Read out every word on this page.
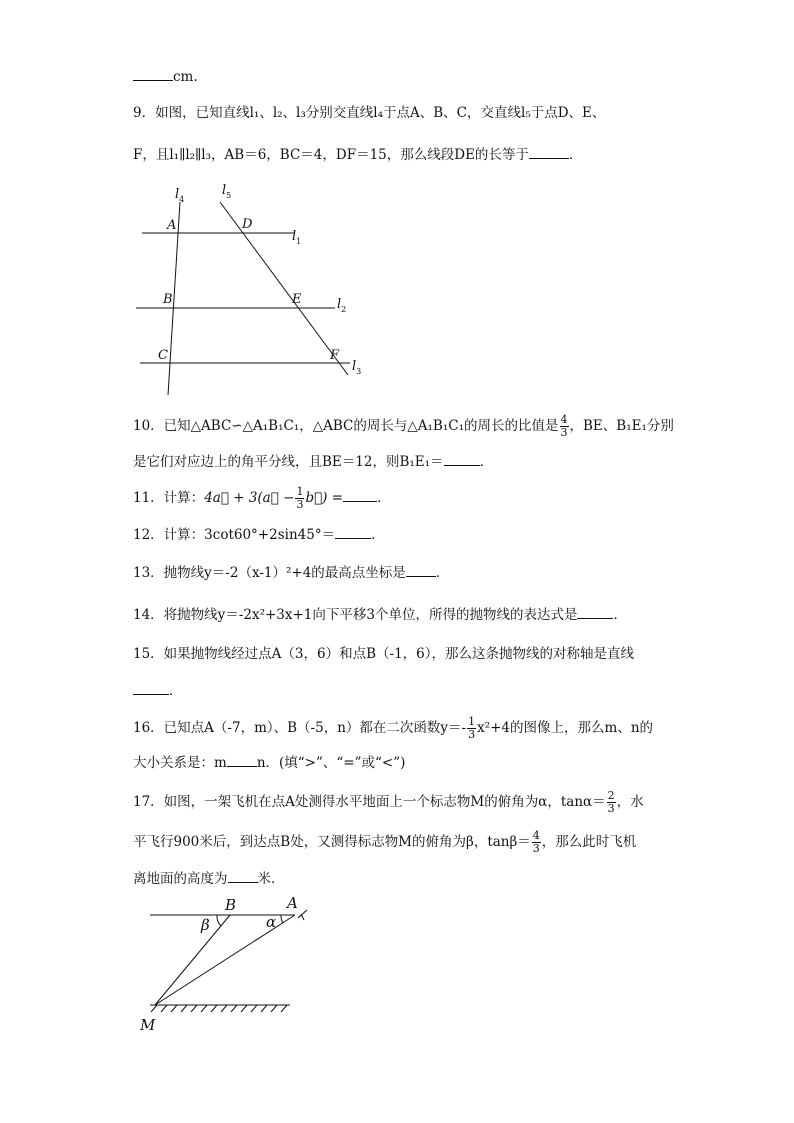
cm.
9．如图，已知直线l₁、l₂、l₃分别交直线l₄于点A、B、C，交直线l₅于点D、E、
F，且l₁∥l₂∥l₃，AB＝6，BC＝4，DF＝15，那么线段DE的长等于	．
$l_4$
$l_5$
$l_1$
$l_2$
$l_3$
A	D
B	E
C	F
10．已知△ABC∽△A₁B₁C₁，△ABC的周长与△A₁B₁C₁的周长的比值是 $\frac{4}{3}$ ，BE、B₁E₁分别
是它们对应边上的角平分线，且BE＝12，则B₁E₁＝	．
11．计算：4a⃗ + 3(a⃗ − $\frac{1}{3}$ b⃗) =	．
12．计算：3cot60°+2sin45°＝	．
13．抛物线y＝-2（x-1）²+4的最高点坐标是 ．
14．将抛物线y＝-2x²+3x+1向下平移3个单位，所得的抛物线的表达式是	．
15．如果抛物线经过点A（3，6）和点B（-1，6），那么这条抛物线的对称轴是直线
．
16．已知点A（-7，m）、B（-5，n）都在二次函数$y=- \frac{1}{3} x^2+4$的图像上，那么m、n的
大小关系是：m n．(填“>”、“=”或“<”)
17．如图，一架飞机在点A处测得水平地面上一个标志物M的俯角为α，$\tan\alpha= \frac{2}{3}$ ，水
平飞行900米后，到达点B处，又测得标志物M的俯角为β，$\tan\beta= \frac{4}{3}$ ，那么此时飞机
离地面的高度为 米．
B	A
M
α
β
